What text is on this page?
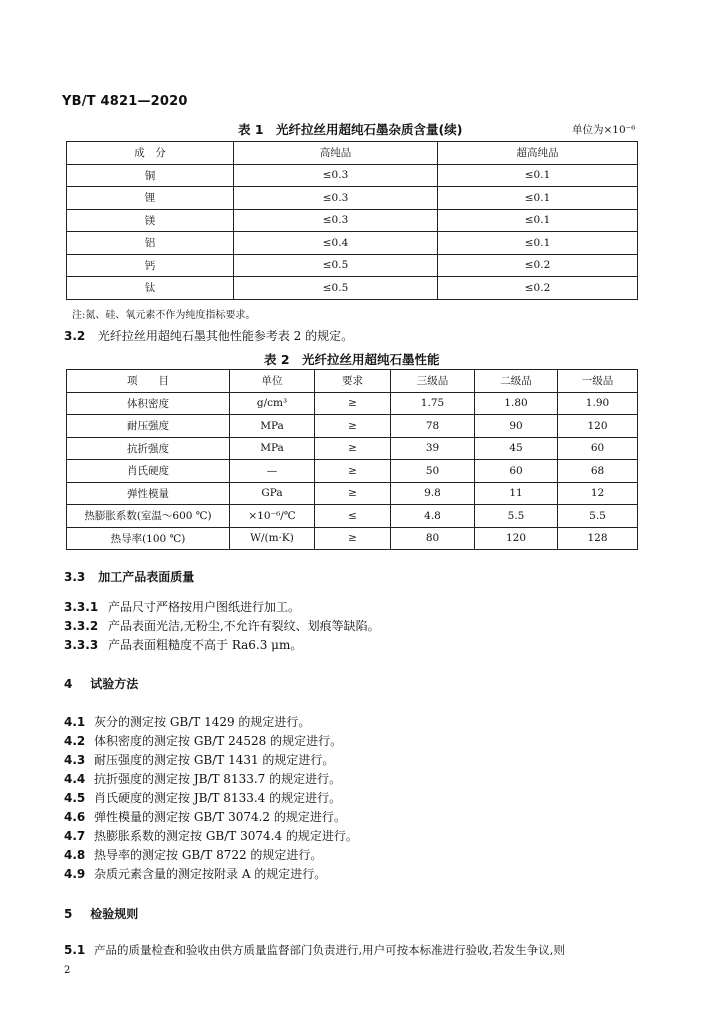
YB/T 4821—2020
表 1　光纤拉丝用超纯石墨杂质含量(续)	单位为×10⁻⁶
成　分	高纯品	超高纯品
铜	≤0.3	≤0.1
锂	≤0.3	≤0.1
镁	≤0.3	≤0.1
铝	≤0.4	≤0.1
钙	≤0.5	≤0.2
钛	≤0.5	≤0.2
注:氮、硅、氧元素不作为纯度指标要求。
3.2 光纤拉丝用超纯石墨其他性能参考表 2 的规定。
表 2　光纤拉丝用超纯石墨性能
项　　目	单位	要求	三级品	二级品	一级品
体积密度	g/cm³	≥	1.75	1.80	1.90
耐压强度	MPa	≥	78	90	120
抗折强度	MPa	≥	39	45	60
肖氏硬度	—	≥	50	60	68
弹性模量	GPa	≥	9.8	11	12
热膨胀系数(室温～600 ℃)	×10⁻⁶/℃	≤	4.8	5.5	5.5
热导率(100 ℃)	W/(m·K)	≥	80	120	128
3.3 加工产品表面质量
3.3.1 产品尺寸严格按用户图纸进行加工。
3.3.2 产品表面光洁,无粉尘,不允许有裂纹、划痕等缺陷。
3.3.3 产品表面粗糙度不高于 Ra6.3 μm。
4 试验方法
4.1 灰分的测定按 GB/T 1429 的规定进行。
4.2 体积密度的测定按 GB/T 24528 的规定进行。
4.3 耐压强度的测定按 GB/T 1431 的规定进行。
4.4 抗折强度的测定按 JB/T 8133.7 的规定进行。
4.5 肖氏硬度的测定按 JB/T 8133.4 的规定进行。
4.6 弹性模量的测定按 GB/T 3074.2 的规定进行。
4.7 热膨胀系数的测定按 GB/T 3074.4 的规定进行。
4.8 热导率的测定按 GB/T 8722 的规定进行。
4.9 杂质元素含量的测定按附录 A 的规定进行。
5 检验规则
5.1 产品的质量检查和验收由供方质量监督部门负责进行,用户可按本标准进行验收,若发生争议,则
2
